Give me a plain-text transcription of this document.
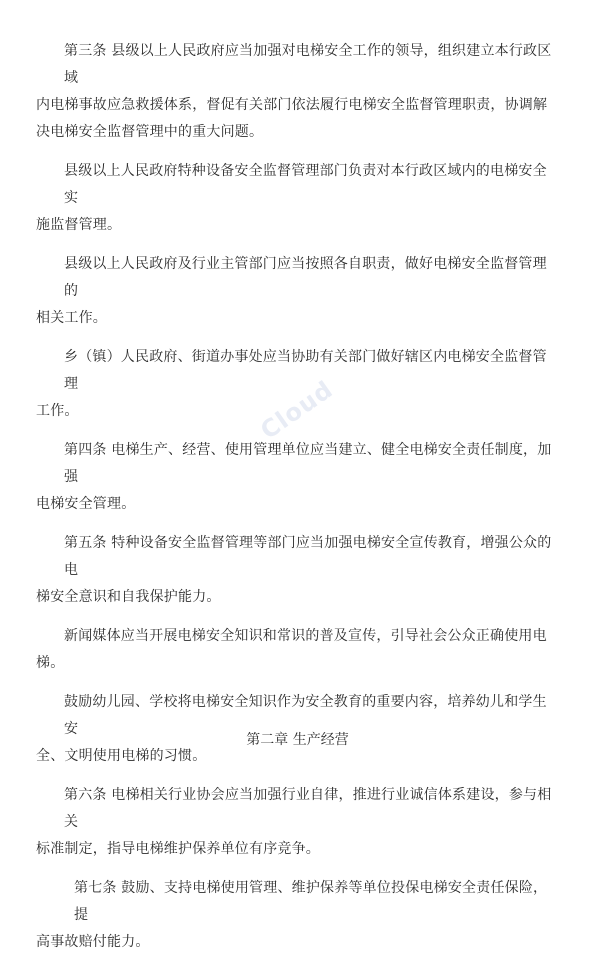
第三条 县级以上人民政府应当加强对电梯安全工作的领导，组织建立本行政区域
内电梯事故应急救援体系，督促有关部门依法履行电梯安全监督管理职责，协调解决电梯安全监督管理中的重大问题。

县级以上人民政府特种设备安全监督管理部门负责对本行政区域内的电梯安全实
施监督管理。

县级以上人民政府及行业主管部门应当按照各自职责，做好电梯安全监督管理的
相关工作。

乡（镇）人民政府、街道办事处应当协助有关部门做好辖区内电梯安全监督管理
工作。

第四条 电梯生产、经营、使用管理单位应当建立、健全电梯安全责任制度，加强
电梯安全管理。

第五条 特种设备安全监督管理等部门应当加强电梯安全宣传教育，增强公众的电
梯安全意识和自我保护能力。

新闻媒体应当开展电梯安全知识和常识的普及宣传，引导社会公众正确使用电
梯。

鼓励幼儿园、学校将电梯安全知识作为安全教育的重要内容，培养幼儿和学生安
全、文明使用电梯的习惯。

第六条 电梯相关行业协会应当加强行业自律，推进行业诚信体系建设，参与相关
标准制定，指导电梯维护保养单位有序竞争。

第七条 鼓励、支持电梯使用管理、维护保养等单位投保电梯安全责任保险，提
高事故赔付能力。

第二章 生产经营
Cloud
